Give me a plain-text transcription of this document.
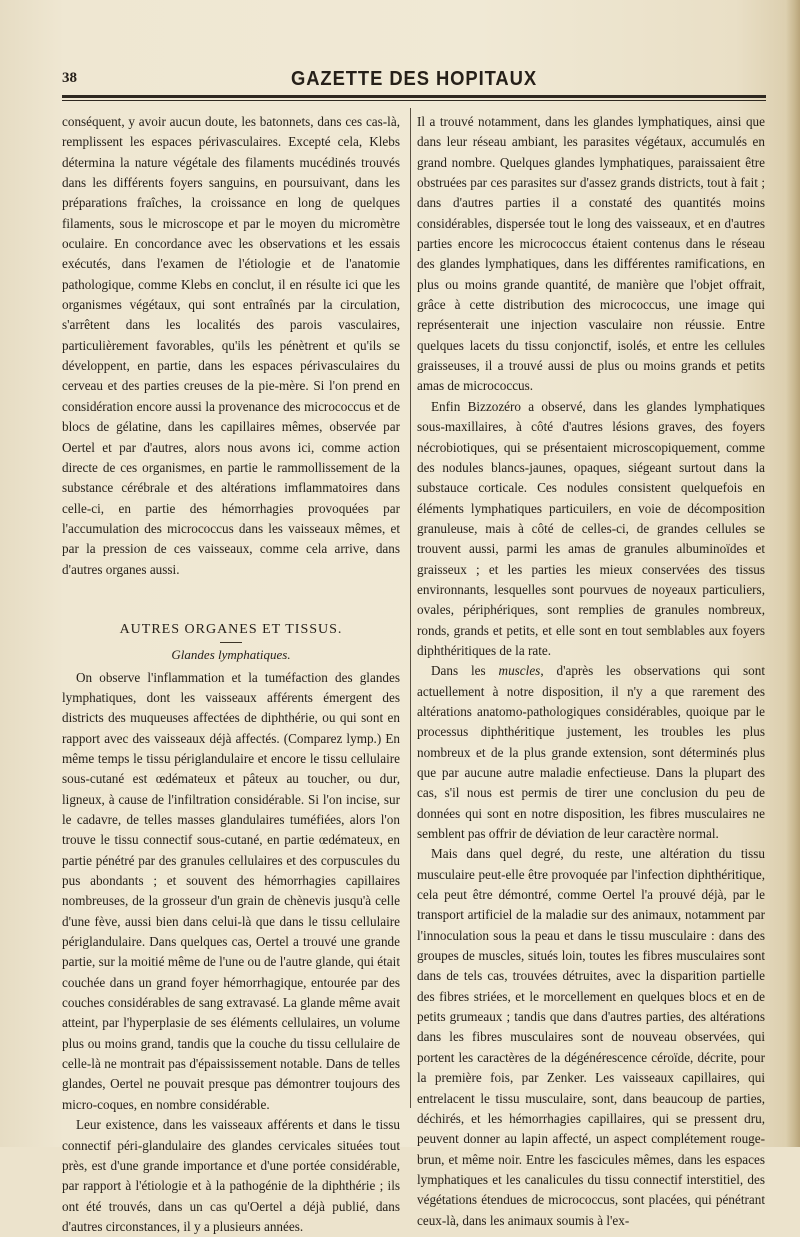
38	GAZETTE DES HOPITAUX

conséquent, y avoir aucun doute, les batonnets, dans ces cas-là, remplissent les espaces périvasculaires. Excepté cela, Klebs détermina la nature végétale des filaments mucédinés trouvés dans les différents foyers sanguins, en poursuivant, dans les préparations fraîches, la croissance en long de quelques filaments, sous le microscope et par le moyen du micromètre oculaire. En concordance avec les observations et les essais exécutés, dans l'examen de l'étiologie et de l'anatomie pathologique, comme Klebs en conclut, il en résulte ici que les organismes végétaux, qui sont entraînés par la circulation, s'arrêtent dans les localités des parois vasculaires, particulièrement favorables, qu'ils les pénètrent et qu'ils se développent, en partie, dans les espaces périvasculaires du cerveau et des parties creuses de la pie-mère. Si l'on prend en considération encore aussi la provenance des micrococcus et de blocs de gélatine, dans les capillaires mêmes, observée par Oertel et par d'autres, alors nous avons ici, comme action directe de ces organismes, en partie le rammollissement de la substance cérébrale et des altérations imflammatoires dans celle-ci, en partie des hémorrhagies provoquées par l'accumulation des micrococcus dans les vaisseaux mêmes, et par la pression de ces vaisseaux, comme cela arrive, dans d'autres organes aussi.

AUTRES ORGANES ET TISSUS.
Glandes lymphatiques.

On observe l'inflammation et la tuméfaction des glandes lymphatiques, dont les vaisseaux afférents émergent des districts des muqueuses affectées de diphthérie, ou qui sont en rapport avec des vaisseaux déjà affectés. (Comparez lymp.) En même temps le tissu périglandulaire et encore le tissu cellulaire sous-cutané est œdémateux et pâteux au toucher, ou dur, ligneux, à cause de l'infiltration considérable. Si l'on incise, sur le cadavre, de telles masses glandulaires tuméfiées, alors l'on trouve le tissu connectif sous-cutané, en partie œdémateux, en partie pénétré par des granules cellulaires et des corpuscules du pus abondants ; et souvent des hémorrhagies capillaires nombreuses, de la grosseur d'un grain de chènevis jusqu'à celle d'une fève, aussi bien dans celui-là que dans le tissu cellulaire périglandulaire. Dans quelques cas, Oertel a trouvé une grande partie, sur la moitié même de l'une ou de l'autre glande, qui était couchée dans un grand foyer hémorrhagique, entourée par des couches considérables de sang extravasé. La glande même avait atteint, par l'hyperplasie de ses éléments cellulaires, un volume plus ou moins grand, tandis que la couche du tissu cellulaire de celle-là ne montrait pas d'épaississement notable. Dans de telles glandes, Oertel ne pouvait presque pas démontrer toujours des micro-coques, en nombre considérable.

Leur existence, dans les vaisseaux afférents et dans le tissu connectif péri-glandulaire des glandes cervicales situées tout près, est d'une grande importance et d'une portée considérable, par rapport à l'étiologie et à la pathogénie de la diphthérie ; ils ont été trouvés, dans un cas qu'Oertel a déjà publié, dans d'autres circonstances, il y a plusieurs années.

Il a trouvé notamment, dans les glandes lymphatiques, ainsi que dans leur réseau ambiant, les parasites végétaux, accumulés en grand nombre. Quelques glandes lymphatiques, paraissaient être obstruées par ces parasites sur d'assez grands districts, tout à fait ; dans d'autres parties il a constaté des quantités moins considérables, dispersée tout le long des vaisseaux, et en d'autres parties encore les micrococcus étaient contenus dans le réseau des glandes lymphatiques, dans les différentes ramifications, en plus ou moins grande quantité, de manière que l'objet offrait, grâce à cette distribution des micrococcus, une image qui représenterait une injection vasculaire non réussie. Entre quelques lacets du tissu conjonctif, isolés, et entre les cellules graisseuses, il a trouvé aussi de plus ou moins grands et petits amas de micrococcus.

Enfin Bizzozéro a observé, dans les glandes lymphatiques sous-maxillaires, à côté d'autres lésions graves, des foyers nécrobiotiques, qui se présentaient microscopiquement, comme des nodules blancs-jaunes, opaques, siégeant surtout dans la substauce corticale. Ces nodules consistent quelquefois en éléments lymphatiques particuilers, en voie de décomposition granuleuse, mais à côté de celles-ci, de grandes cellules se trouvent aussi, parmi les amas de granules albuminoïdes et graisseux ; et les parties les mieux conservées des tissus environnants, lesquelles sont pourvues de noyeaux particuliers, ovales, périphériques, sont remplies de granules nombreux, ronds, grands et petits, et elle sont en tout semblables aux foyers diphthéritiques de la rate.

Dans les muscles, d'après les observations qui sont actuellement à notre disposition, il n'y a que rarement des altérations anatomo-pathologiques considérables, quoique par le processus diphthéritique justement, les troubles les plus nombreux et de la plus grande extension, sont déterminés plus que par aucune autre maladie enfectieuse. Dans la plupart des cas, s'il nous est permis de tirer une conclusion du peu de données qui sont en notre disposition, les fibres musculaires ne semblent pas offrir de déviation de leur caractère normal.

Mais dans quel degré, du reste, une altération du tissu musculaire peut-elle être provoquée par l'infection diphthéritique, cela peut être démontré, comme Oertel l'a prouvé déjà, par le transport artificiel de la maladie sur des animaux, notamment par l'innoculation sous la peau et dans le tissu musculaire : dans des groupes de muscles, situés loin, toutes les fibres musculaires sont dans de tels cas, trouvées détruites, avec la disparition partielle des fibres striées, et le morcellement en quelques blocs et en de petits grumeaux ; tandis que dans d'autres parties, des altérations dans les fibres musculaires sont de nouveau observées, qui portent les caractères de la dégénérescence céroïde, décrite, pour la première fois, par Zenker. Les vaisseaux capillaires, qui entrelacent le tissu musculaire, sont, dans beaucoup de parties, déchirés, et les hémorrhagies capillaires, qui se pressent dru, peuvent donner au lapin affecté, un aspect complétement rouge-brun, et même noir. Entre les fascicules mêmes, dans les espaces lymphatiques et les canalicules du tissu connectif interstitiel, des végétations étendues de micrococcus, sont placées, qui pénétrant ceux-là, dans les animaux soumis à l'ex-
